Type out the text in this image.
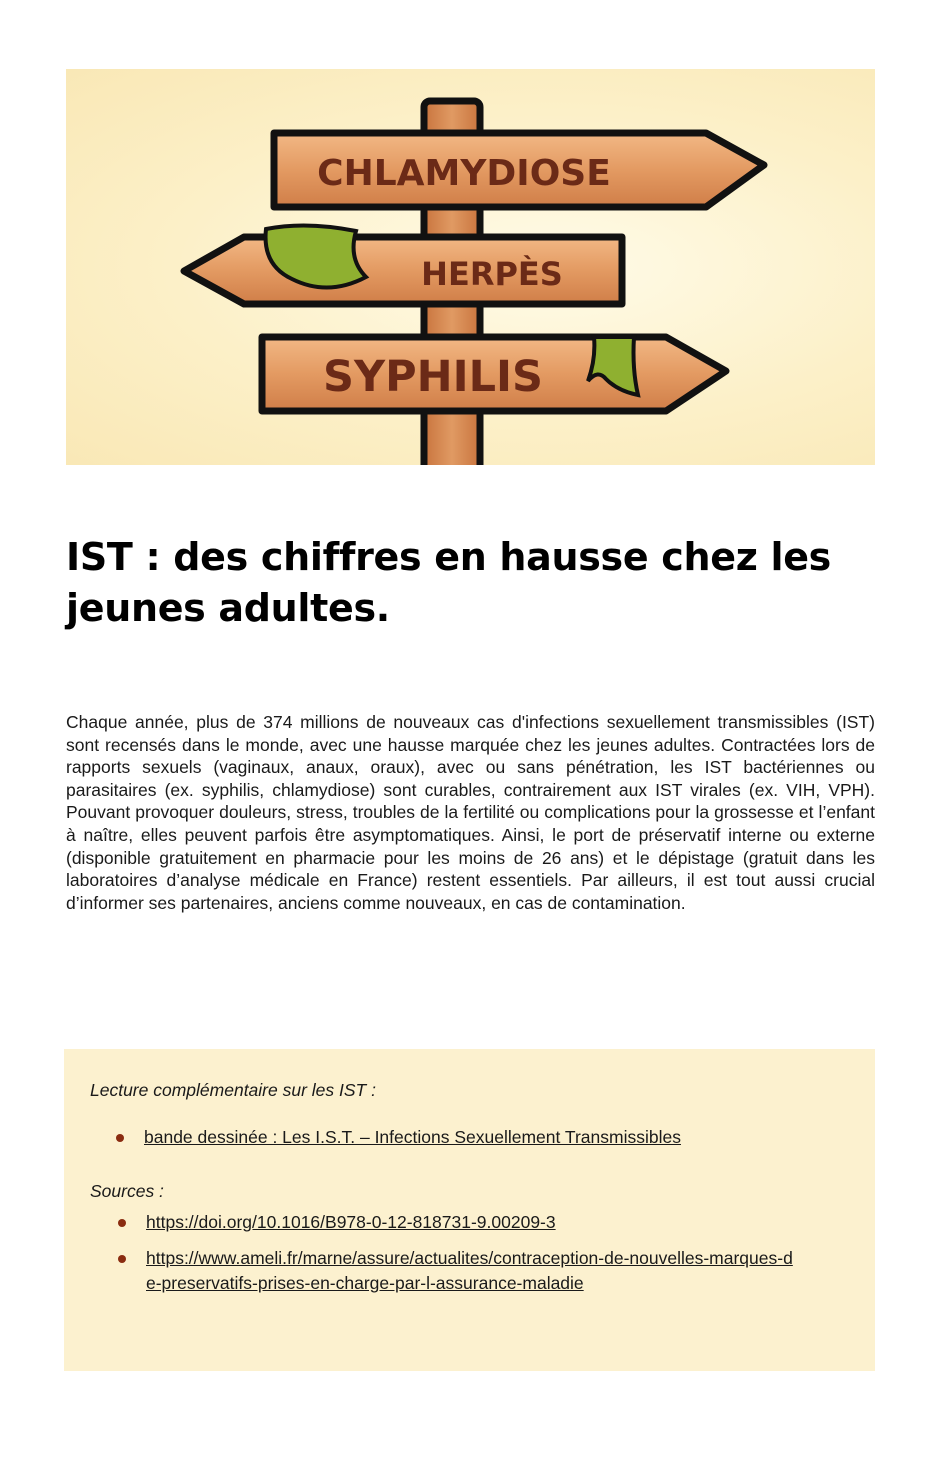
CHLAMYDIOSE
HERPÈS
SYPHILIS
IST : des chiffres en hausse chez les jeunes adultes.

Chaque année, plus de 374 millions de nouveaux cas d'infections sexuellement transmissibles (IST) sont recensés dans le monde, avec une hausse marquée chez les jeunes adultes. Contractées lors de rapports sexuels (vaginaux, anaux, oraux), avec ou sans pénétration, les IST bactériennes ou parasitaires (ex. syphilis, chlamydiose) sont curables, contrairement aux IST virales (ex. VIH, VPH). Pouvant provoquer douleurs, stress, troubles de la fertilité ou complications pour la grossesse et l’enfant à naître, elles peuvent parfois être asymptomatiques. Ainsi, le port de préservatif interne ou externe (disponible gratuitement en pharmacie pour les moins de 26 ans) et le dépistage (gratuit dans les laboratoires d’analyse médicale en France) restent essentiels. Par ailleurs, il est tout aussi crucial d’informer ses partenaires, anciens comme nouveaux, en cas de contamination.

Lecture complémentaire sur les IST :

bande dessinée : Les I.S.T. – Infections Sexuellement Transmissibles

Sources :

https://doi.org/10.1016/B978-0-12-818731-9.00209-3
https://www.ameli.fr/marne/assure/actualites/contraception-de-nouvelles-marques-de-preservatifs-prises-en-charge-par-l-assurance-maladie
